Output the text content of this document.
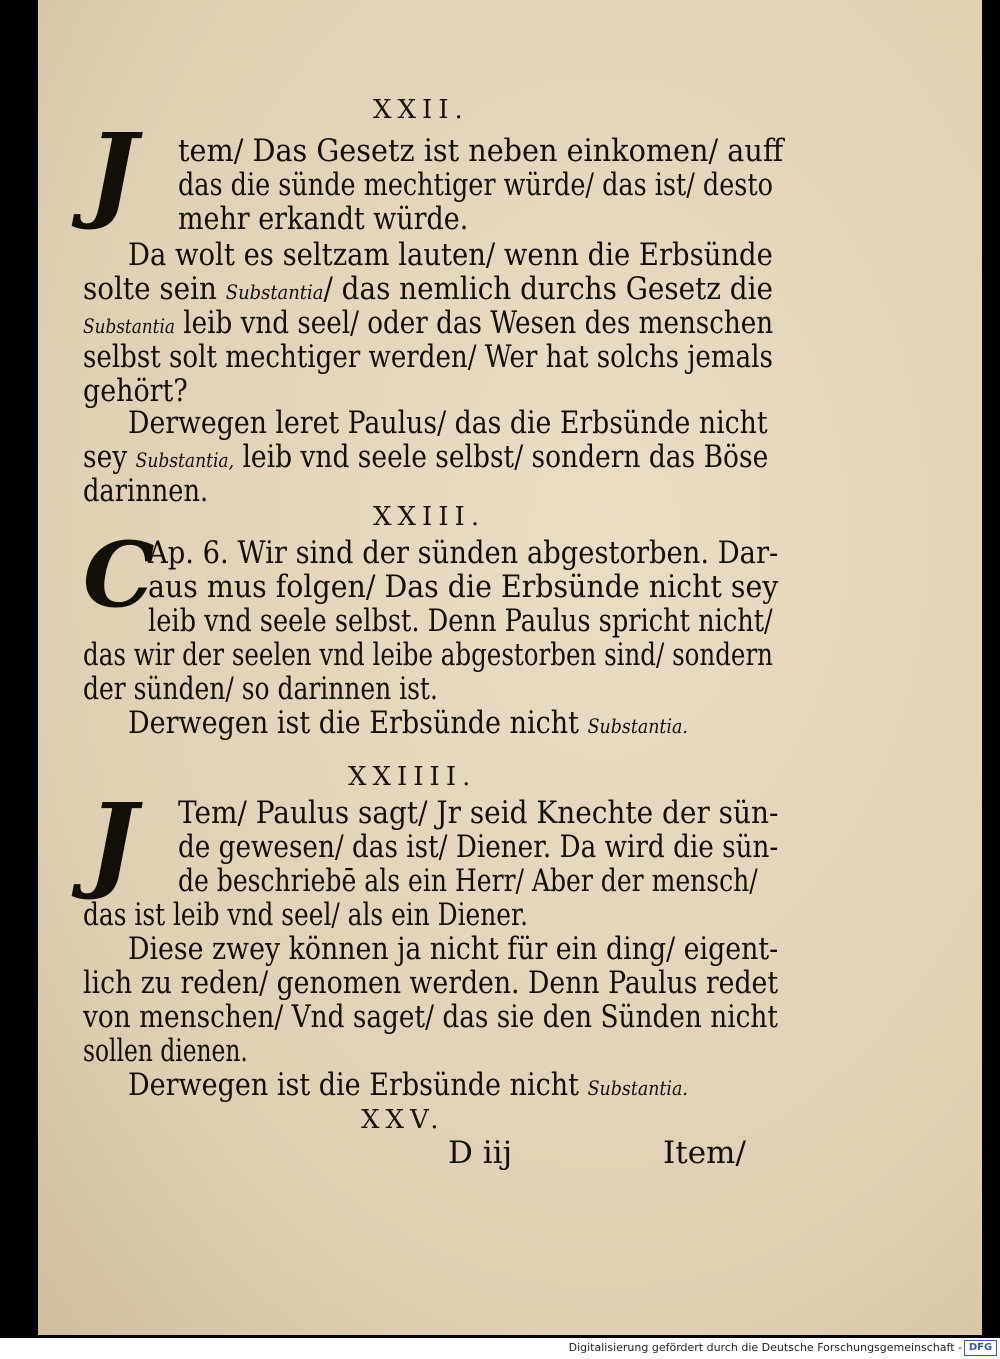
XXII.
J tem/ Das Gesetz ist neben einkomen/ auff
das die sünde mechtiger würde/ das ist/ desto
mehr erkandt würde.
Da wolt es seltzam lauten/ wenn die Erbsünde
solte sein Substantia/ das nemlich durchs Gesetz die
Substantia leib vnd seel/ oder das Wesen des menschen
selbst solt mechtiger werden/ Wer hat solchs jemals
gehört?
Derwegen leret Paulus/ das die Erbsünde nicht
sey Substantia, leib vnd seele selbst/ sondern das Böse
darinnen.
XXIII.
C
Ap. 6. Wir sind der sünden abgestorben. Dar-
aus mus folgen/ Das die Erbsünde nicht sey
leib vnd seele selbst. Denn Paulus spricht nicht/
das wir der seelen vnd leibe abgestorben sind/ sondern
der sünden/ so darinnen ist.
Derwegen ist die Erbsünde nicht Substantia.
XXIIII.
J Tem/ Paulus sagt/ Jr seid Knechte der sün-
de gewesen/ das ist/ Diener. Da wird die sün-
de beschriebē als ein Herr/ Aber der mensch/
das ist leib vnd seel/ als ein Diener.
Diese zwey können ja nicht für ein ding/ eigent-
lich zu reden/ genomen werden. Denn Paulus redet
von menschen/ Vnd saget/ das sie den Sünden nicht
sollen dienen.
Derwegen ist die Erbsünde nicht Substantia.
XXV.
D iij	Item/
Digitalisierung gefördert durch die Deutsche Forschungsgemeinschaft - DFG
